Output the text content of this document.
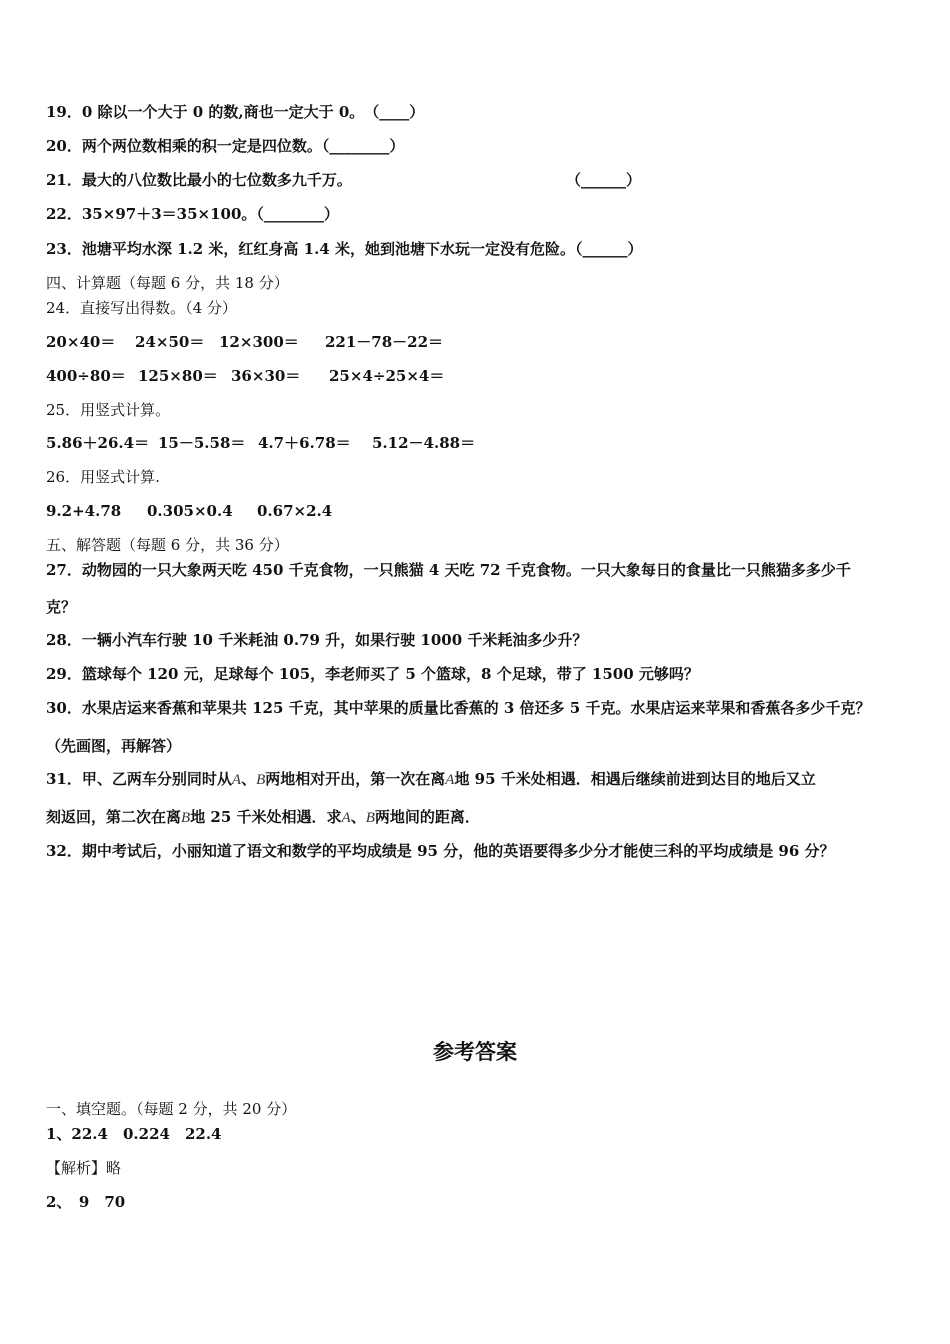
19．0 除以一个大于 0 的数,商也一定大于 0。　（____）
20．两个两位数相乘的积一定是四位数。（________）
21．最大的八位数比最小的七位数多九千万。	（______）
22．35×97＋3＝35×100。（________）
23．池塘平均水深 1.2 米，红红身高 1.4 米，她到池塘下水玩一定没有危险。（______）
四、计算题（每题 6 分，共 18 分）
24．直接写出得数。（4 分）
20×40＝ 24×50＝ 12×300＝ 221－78－22＝
400÷80＝ 125×80＝ 36×30＝ 25×4÷25×4＝
25．用竖式计算。
5.86＋26.4＝ 15－5.58＝ 4.7＋6.78＝ 5.12－4.88＝
26．用竖式计算.
9.2+4.78 0.305×0.4 0.67×2.4
五、解答题（每题 6 分，共 36 分）
27．动物园的一只大象两天吃 450 千克食物，一只熊猫 4 天吃 72 千克食物。一只大象每日的食量比一只熊猫多多少千
克？
28．一辆小汽车行驶 10 千米耗油 0.79 升，如果行驶 1000 千米耗油多少升？
29．篮球每个 120 元，足球每个 105，李老师买了 5 个篮球，8 个足球，带了 1500 元够吗？
30．水果店运来香蕉和苹果共 125 千克，其中苹果的质量比香蕉的 3 倍还多 5 千克。水果店运来苹果和香蕉各多少千克？
（先画图，再解答）
31．甲、乙两车分别同时从A、B两地相对开出，第一次在离A地 95 千米处相遇．相遇后继续前进到达目的地后又立
刻返回，第二次在离B地 25 千米处相遇．求A、B两地间的距离．
32．期中考试后，小丽知道了语文和数学的平均成绩是 95 分，他的英语要得多少分才能使三科的平均成绩是 96 分？
参考答案
一、填空题。（每题 2 分，共 20 分）
1、22.4　0.224　22.4
【解析】略
2、　9　70
